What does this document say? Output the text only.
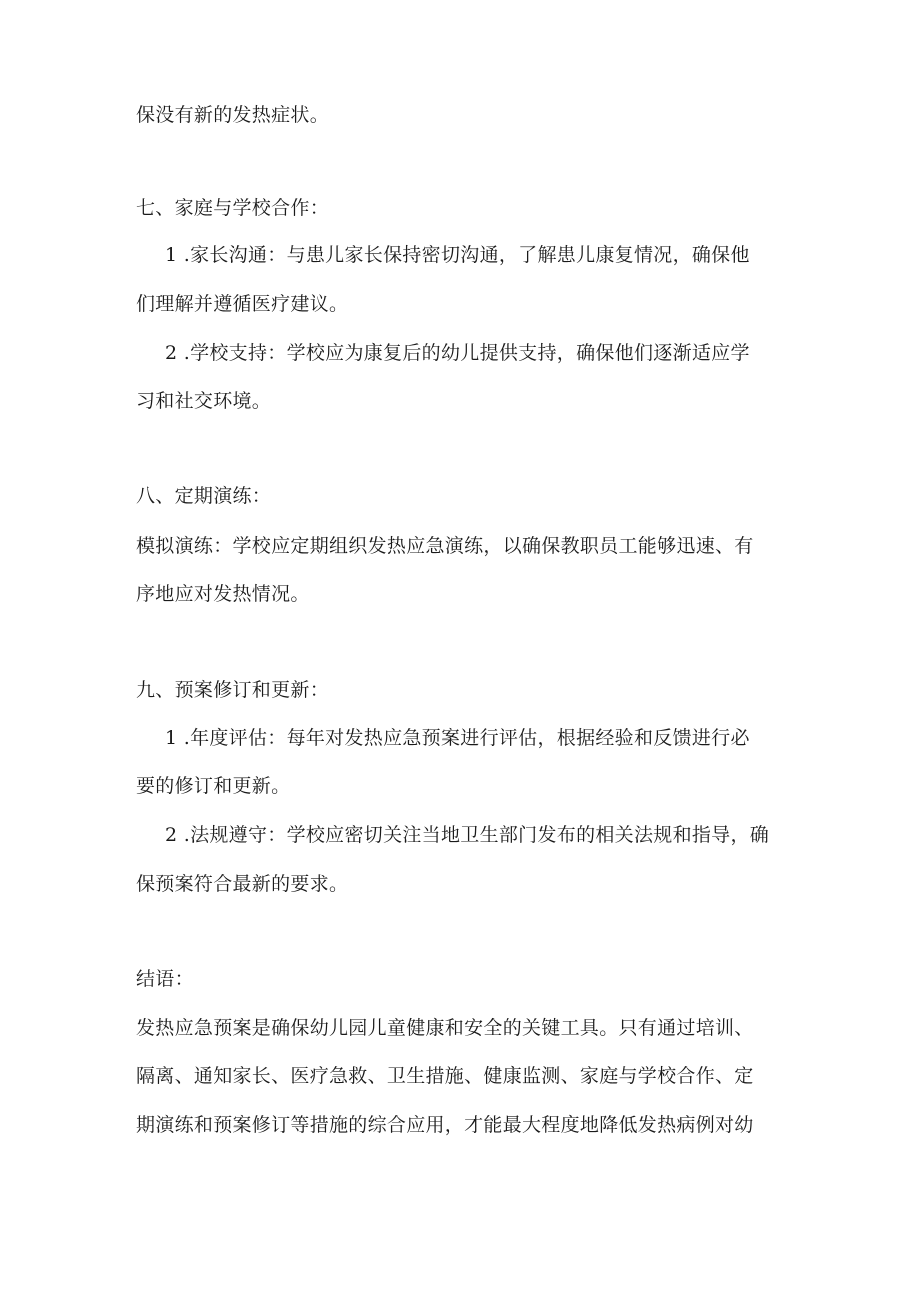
保没有新的发热症状。
七、家庭与学校合作：
1 .家长沟通：与患儿家长保持密切沟通，了解患儿康复情况，确保他
们理解并遵循医疗建议。
2 .学校支持：学校应为康复后的幼儿提供支持，确保他们逐渐适应学
习和社交环境。
八、定期演练：
模拟演练：学校应定期组织发热应急演练，以确保教职员工能够迅速、有
序地应对发热情况。
九、预案修订和更新：
1 .年度评估：每年对发热应急预案进行评估，根据经验和反馈进行必
要的修订和更新。
2 .法规遵守：学校应密切关注当地卫生部门发布的相关法规和指导，确
保预案符合最新的要求。
结语：
发热应急预案是确保幼儿园儿童健康和安全的关键工具。只有通过培训、
隔离、通知家长、医疗急救、卫生措施、健康监测、家庭与学校合作、定
期演练和预案修订等措施的综合应用，才能最大程度地降低发热病例对幼
